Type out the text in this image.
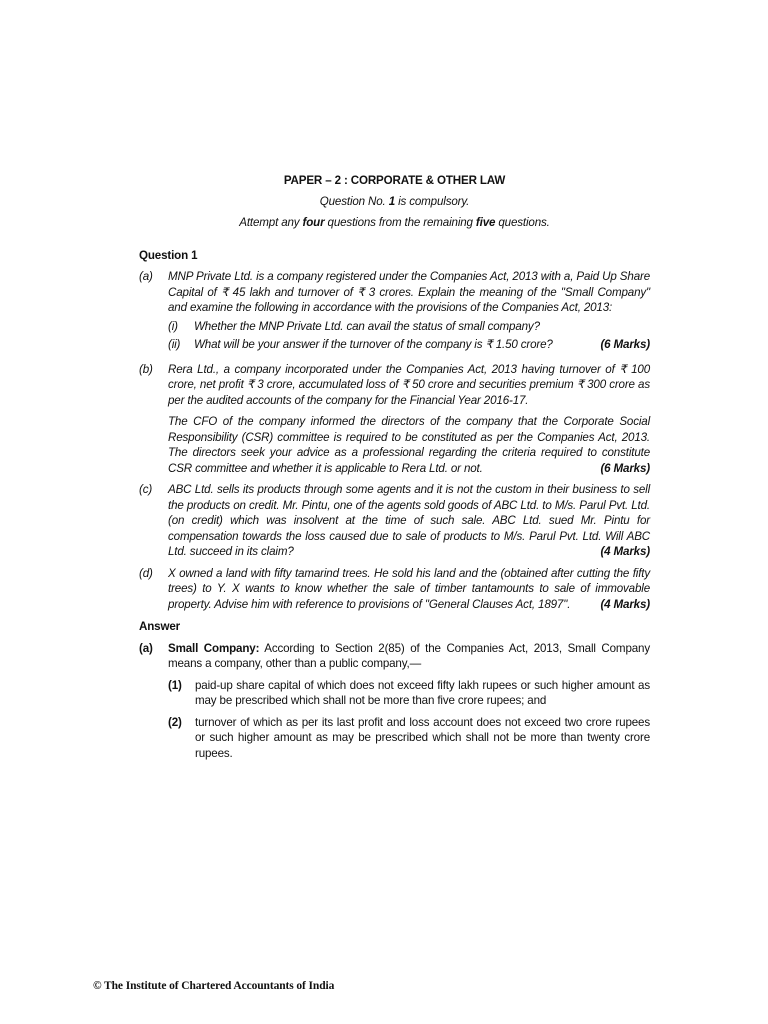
PAPER – 2 : CORPORATE & OTHER LAW
Question No. 1 is compulsory.
Attempt any four questions from the remaining five questions.
Question 1
(a)	MNP Private Ltd. is a company registered under the Companies Act, 2013 with a, Paid Up Share Capital of ₹ 45 lakh and turnover of ₹ 3 crores. Explain the meaning of the "Small Company" and examine the following in accordance with the provisions of the Companies Act, 2013:
(i)	Whether the MNP Private Ltd. can avail the status of small company?
(ii)	(6 Marks)
What will be your answer if the turnover of the company is ₹ 1.50 crore?
(b)	Rera Ltd., a company incorporated under the Companies Act, 2013 having turnover of ₹ 100 crore, net profit ₹ 3 crore, accumulated loss of ₹ 50 crore and securities premium ₹ 300 crore as per the audited accounts of the company for the Financial Year 2016-17.
The CFO of the company informed the directors of the company that the Corporate Social Responsibility (CSR) committee is required to be constituted as per the Companies Act, 2013. The directors seek your advice as a professional regarding the criteria required to constitute CSR committee and whether it is applicable to Rera Ltd. or not.	(6 Marks)
(c)	ABC Ltd. sells its products through some agents and it is not the custom in their business to sell the products on credit. Mr. Pintu, one of the agents sold goods of ABC Ltd. to M/s. Parul Pvt. Ltd. (on credit) which was insolvent at the time of such sale. ABC Ltd. sued Mr. Pintu for compensation towards the loss caused due to sale of products to M/s. Parul Pvt. Ltd. Will ABC Ltd. succeed in its claim?	(4 Marks)
(d)	X owned a land with fifty tamarind trees. He sold his land and the (obtained after cutting the fifty trees) to Y. X wants to know whether the sale of timber tantamounts to sale of immovable property. Advise him with reference to provisions of "General Clauses Act, 1897".	(4 Marks)
Answer
(a)	Small Company: According to Section 2(85) of the Companies Act, 2013, Small Company means a company, other than a public company,—
(1)	paid-up share capital of which does not exceed fifty lakh rupees or such higher amount as may be prescribed which shall not be more than five crore rupees; and
(2)	turnover of which as per its last profit and loss account does not exceed two crore rupees or such higher amount as may be prescribed which shall not be more than twenty crore rupees.
© The Institute of Chartered Accountants of India
